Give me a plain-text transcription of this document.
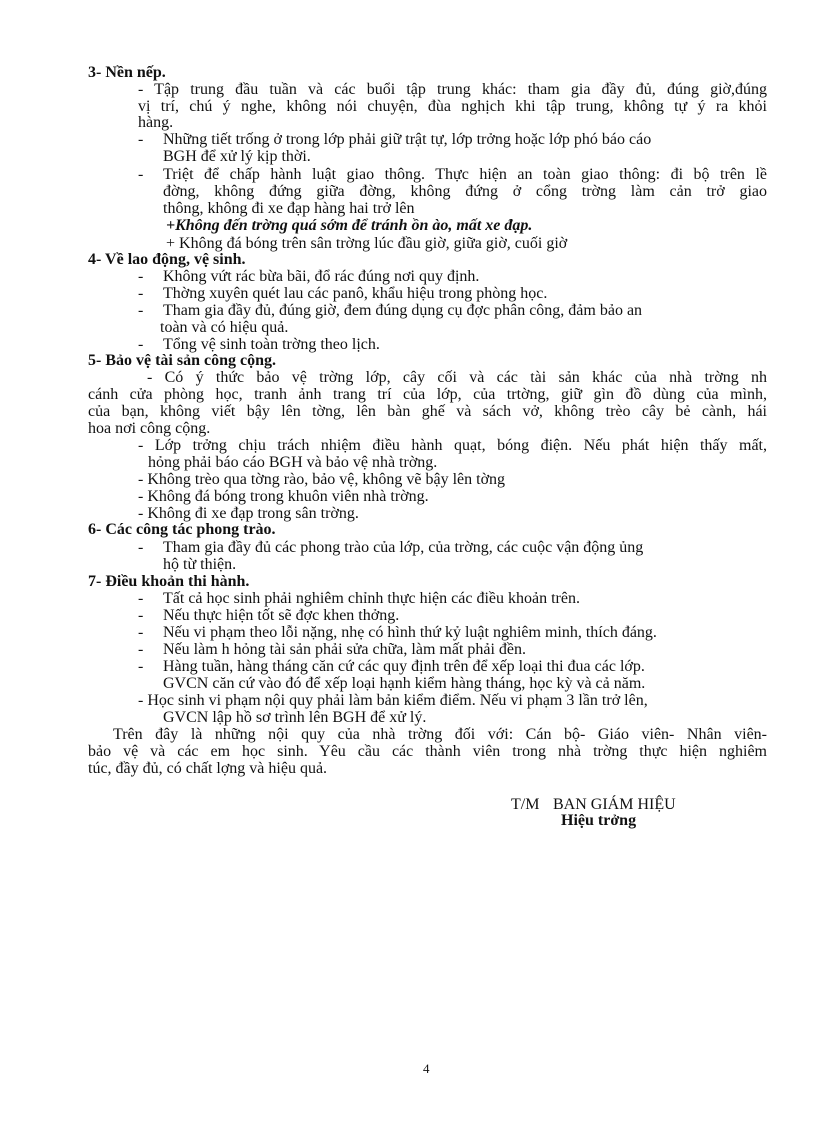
3- Nền nếp.
- Tập trung đầu tuần và các buổi tập trung khác: tham gia đầy đủ, đúng giờ,đúng
vị trí, chú ý nghe, không nói chuyện, đùa nghịch khi tập trung, không tự ý ra khỏi
hàng.
- Những tiết trống ở trong lớp phải giữ trật tự, lớp trởng hoặc lớp phó báo cáo
BGH để xử lý kịp thời.
- Triệt để chấp hành luật giao thông. Thực hiện an toàn giao thông: đi bộ trên lề
đờng, không đứng giữa đờng, không đứng ở cổng trờng làm cản trở giao
thông, không đi xe đạp hàng hai trở lên
+Không đến trờng quá sớm để tránh ồn ào, mất xe đạp.
+ Không đá bóng trên sân trờng lúc đầu giờ, giữa giờ, cuối giờ
4- Về lao động, vệ sinh.
- Không vứt rác bừa bãi, đổ rác đúng nơi quy định.
- Thờng xuyên quét lau các panô, khẩu hiệu trong phòng học.
- Tham gia đầy đủ, đúng giờ, đem đúng dụng cụ đợc phân công, đảm bảo an
toàn và có hiệu quả.
- Tổng vệ sinh toàn trờng theo lịch.
5- Bảo vệ tài sản công cộng.
- Có ý thức bảo vệ trờng lớp, cây cối và các tài sản khác của nhà trờng nh
cánh cửa phòng học, tranh ảnh trang trí của lớp, của trtờng, giữ gìn đồ dùng của mình,
của bạn, không viết bậy lên tờng, lên bàn ghế và sách vở, không trèo cây bẻ cành, hái
hoa nơi công cộng.
- Lớp trởng chịu trách nhiệm điều hành quạt, bóng điện. Nếu phát hiện thấy mất,
hỏng phải báo cáo BGH và bảo vệ nhà trờng.
- Không trèo qua tờng rào, bảo vệ, không vẽ bậy lên tờng
- Không đá bóng trong khuôn viên nhà trờng.
- Không đi xe đạp trong sân trờng.
6- Các công tác phong trào.
- Tham gia đầy đủ các phong trào của lớp, của trờng, các cuộc vận động ủng
hộ từ thiện.
7- Điều khoản thi hành.
- Tất cả học sinh phải nghiêm chỉnh thực hiện các điều khoản trên.
- Nếu thực hiện tốt sẽ đợc khen thởng.
- Nếu vi phạm theo lỗi nặng, nhẹ có hình thứ kỷ luật nghiêm minh, thích đáng.
- Nếu làm h hỏng tài sản phải sửa chữa, làm mất phải đền.
- Hàng tuần, hàng tháng căn cứ các quy định trên để xếp loại thi đua các lớp.
GVCN căn cứ vào đó để xếp loại hạnh kiểm hàng tháng, học kỳ và cả năm.
- Học sinh vi phạm nội quy phải làm bản kiểm điểm. Nếu vi phạm 3 lần trở lên,
GVCN lập hồ sơ trình lên BGH để xử lý.
Trên đây là những nội quy của nhà trờng đối với: Cán bộ- Giáo viên- Nhân viên-
bảo vệ và các em học sinh. Yêu cầu các thành viên trong nhà trờng thực hiện nghiêm
túc, đầy đủ, có chất lợng và hiệu quả.
T/M BAN GIÁM HIỆU
Hiệu trởng
4
